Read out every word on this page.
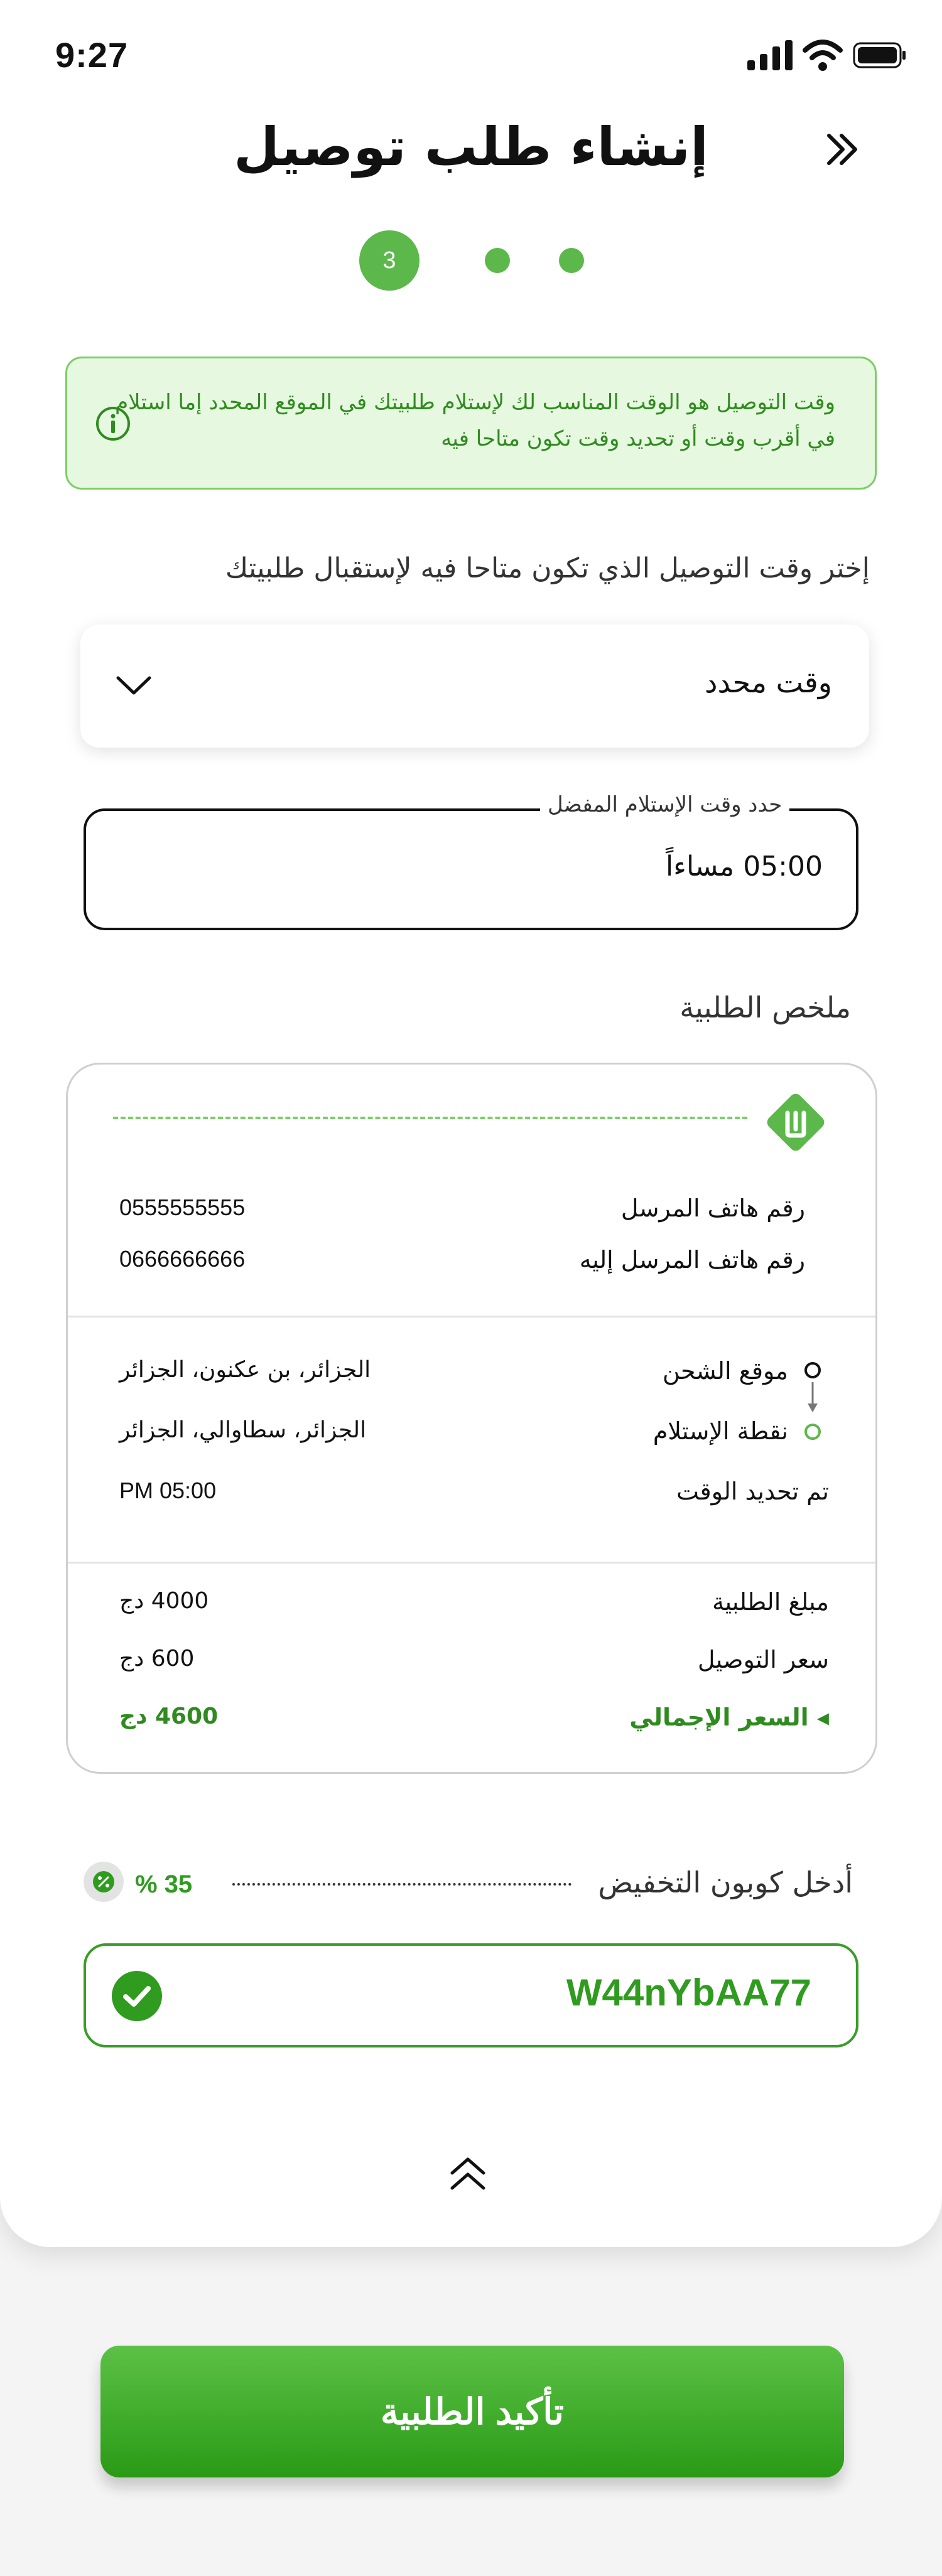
9:27
إنشاء طلب توصيل
3
وقت التوصيل هو الوقت المناسب لك لإستلام طلبيتك في الموقع المحدد إما استلام في أقرب وقت أو تحديد وقت تكون متاحا فيه
إختر وقت التوصيل الذي تكون متاحا فيه لإستقبال طلبيتك
وقت محدد
حدد وقت الإستلام المفضل
05:00 مساءاً
ملخص الطلبية
رقم هاتف المرسل
0555555555
رقم هاتف المرسل إليه
0666666666
موقع الشحن
الجزائر، بن عكنون، الجزائر
نقطة الإستلام
الجزائر، سطاوالي، الجزائر
تم تحديد الوقت
PM 05:00
مبلغ الطلبية
4000 دج
سعر التوصيل
600 دج
◂ السعر الإجمالي
4600 دج
أدخل كوبون التخفيض
% 35
W44nYbAA77
تأكيد الطلبية
